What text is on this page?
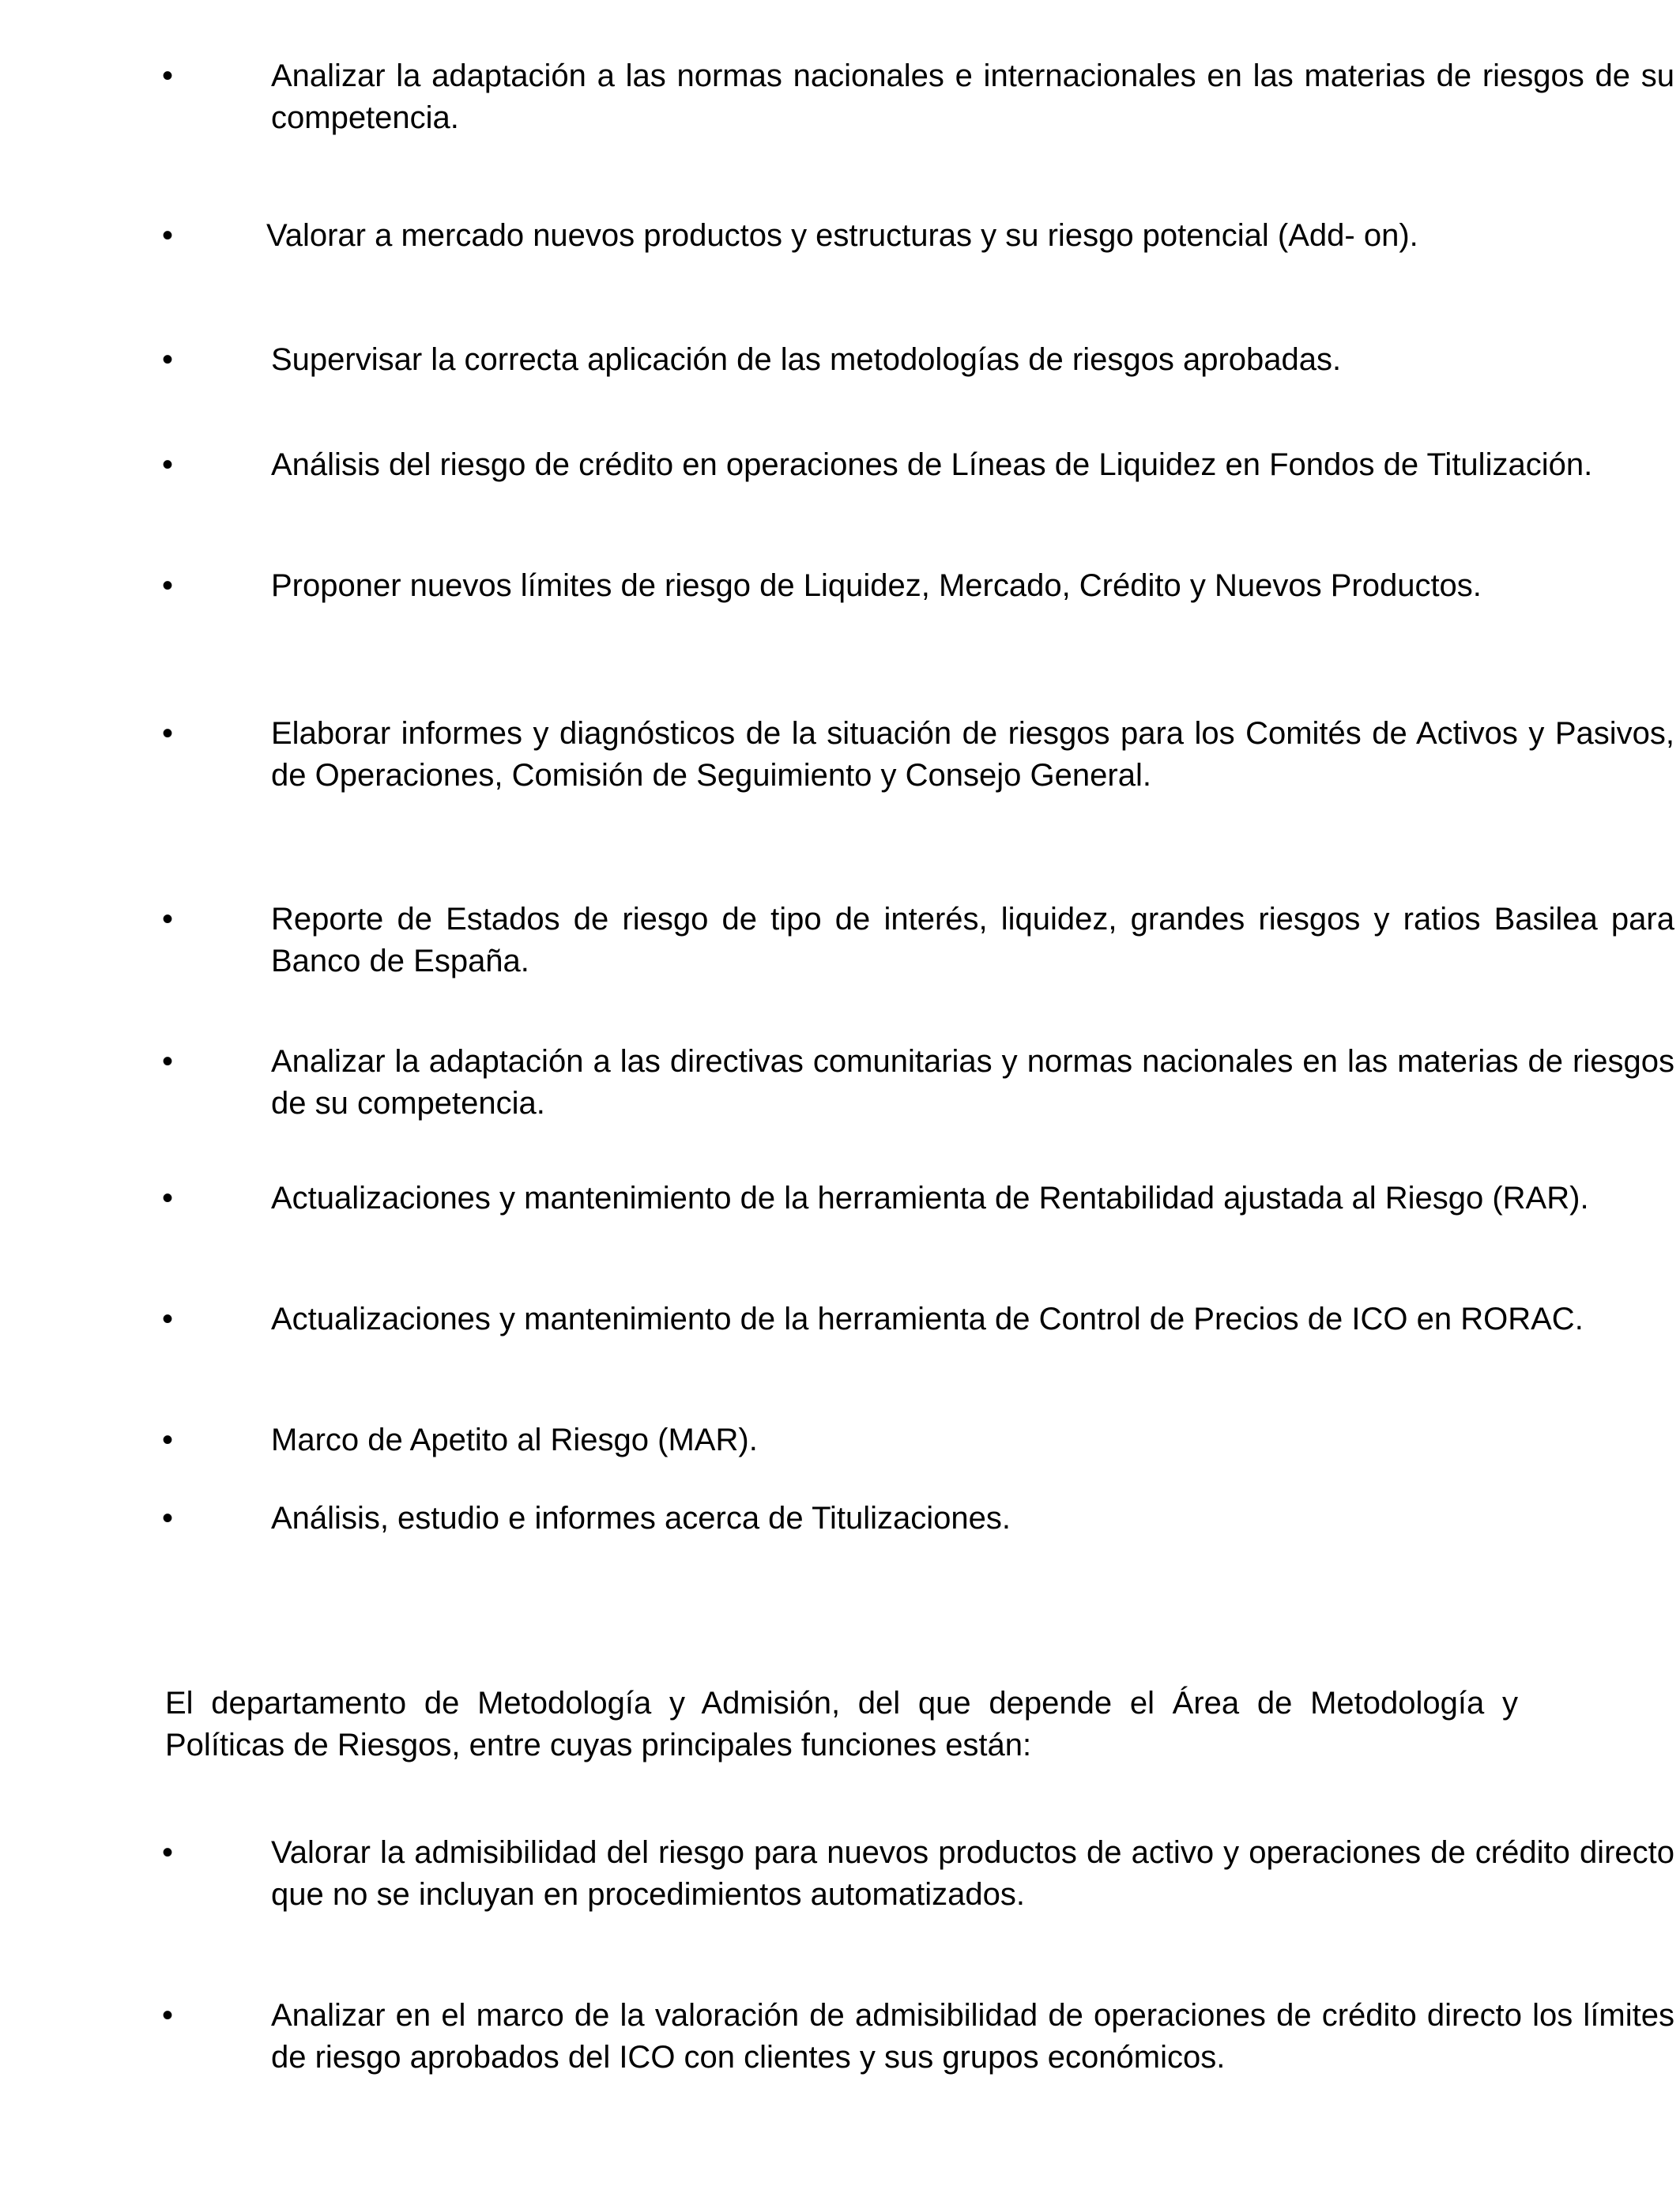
•	Analizar la adaptación a las normas nacionales e internacionales en las materias de riesgos de su competencia.
•	Valorar a mercado nuevos productos y estructuras y su riesgo potencial (Add- on).
•	Supervisar la correcta aplicación de las metodologías de riesgos aprobadas.
•	Análisis del riesgo de crédito en operaciones de Líneas de Liquidez en Fondos de Titulización.
•	Proponer nuevos límites de riesgo de Liquidez, Mercado, Crédito y Nuevos Productos.
•	Elaborar informes y diagnósticos de la situación de riesgos para los Comités de Activos y Pasivos, de Operaciones, Comisión de Seguimiento y Consejo General.
•	Reporte de Estados de riesgo de tipo de interés, liquidez, grandes riesgos y ratios Basilea para Banco de España.
•	Analizar la adaptación a las directivas comunitarias y normas nacionales en las materias de riesgos de su competencia.
•	Actualizaciones y mantenimiento de la herramienta de Rentabilidad ajustada al Riesgo (RAR).
•	Actualizaciones y mantenimiento de la herramienta de Control de Precios de ICO en RORAC.
•	Marco de Apetito al Riesgo (MAR).
•	Análisis, estudio e informes acerca de Titulizaciones.
El departamento de Metodología y Admisión, del que depende el Área de Metodología y Políticas de Riesgos, entre cuyas principales funciones están:
•	Valorar la admisibilidad del riesgo para nuevos productos de activo y operaciones de crédito directo que no se incluyan en procedimientos automatizados.
•	Analizar en el marco de la valoración de admisibilidad de operaciones de crédito directo los límites de riesgo aprobados del ICO con clientes y sus grupos económicos.
